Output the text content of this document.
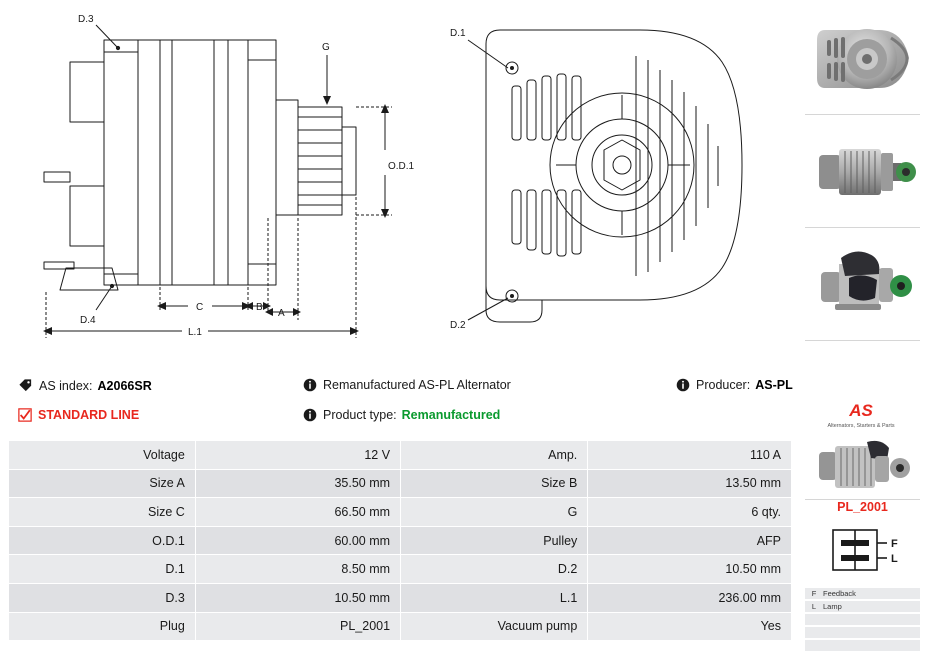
D.3
G
O.D.1
C	B
A
D.4
L.1
D.1
D.2
AS index: A2066SR
STANDARD LINE
Remanufactured AS-PL Alternator
Product type: Remanufactured
Producer: AS-PL
Voltage	12 V	Amp.	110 A
Size A	35.50 mm	Size B	13.50 mm
Size C	66.50 mm	G	6 qty.
O.D.1	60.00 mm	Pulley	AFP
D.1	8.50 mm	D.2	10.50 mm
D.3	10.50 mm	L.1	236.00 mm
Plug	PL_2001	Vacuum pump	Yes
AS
Alternators, Starters & Parts
PL_2001
F
L
F Feedback
L Lamp
